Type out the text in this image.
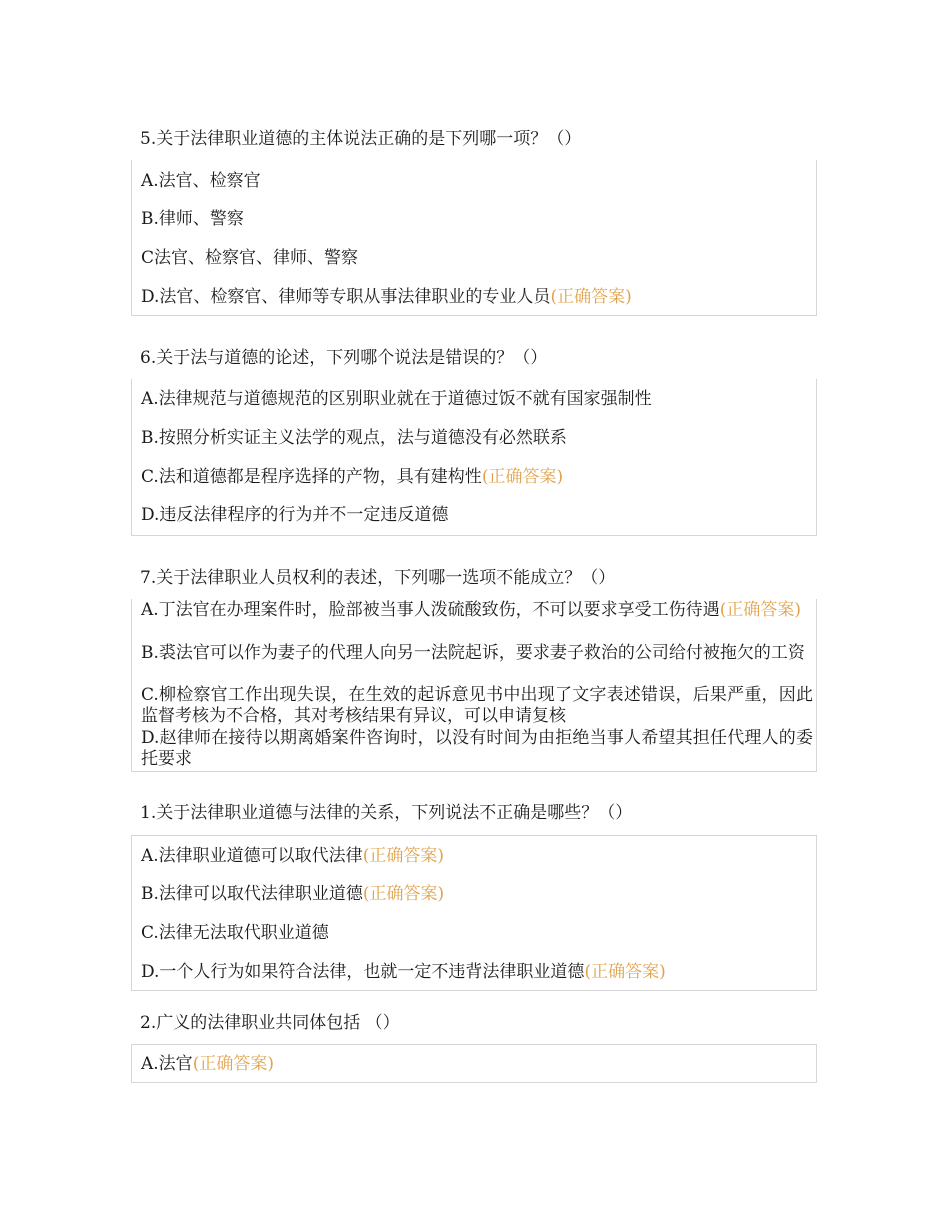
5.关于法律职业道德的主体说法正确的是下列哪一项？（）
A.法官、检察官
B.律师、警察
C法官、检察官、律师、警察
D.法官、检察官、律师等专职从事法律职业的专业人员(正确答案)
6.关于法与道德的论述，下列哪个说法是错误的？（）
A.法律规范与道德规范的区别职业就在于道德过饭不就有国家强制性
B.按照分析实证主义法学的观点，法与道德没有必然联系
C.法和道德都是程序选择的产物，具有建构性(正确答案)
D.违反法律程序的行为并不一定违反道德
7.关于法律职业人员权利的表述，下列哪一选项不能成立？（）
A.丁法官在办理案件时，脸部被当事人泼硫酸致伤，不可以要求享受工伤待遇(正确答案)
B.裘法官可以作为妻子的代理人向另一法院起诉，要求妻子救治的公司给付被拖欠的工资
C.柳检察官工作出现失误，在生效的起诉意见书中出现了文字表述错误，后果严重，因此监督考核为不合格，其对考核结果有异议，可以申请复核
D.赵律师在接待以期离婚案件咨询时，以没有时间为由拒绝当事人希望其担任代理人的委托要求
1.关于法律职业道德与法律的关系，下列说法不正确是哪些？（）
A.法律职业道德可以取代法律(正确答案)
B.法律可以取代法律职业道德(正确答案)
C.法律无法取代职业道德
D.一个人行为如果符合法律，也就一定不违背法律职业道德(正确答案)
2.广义的法律职业共同体包括 （）
A.法官(正确答案)
